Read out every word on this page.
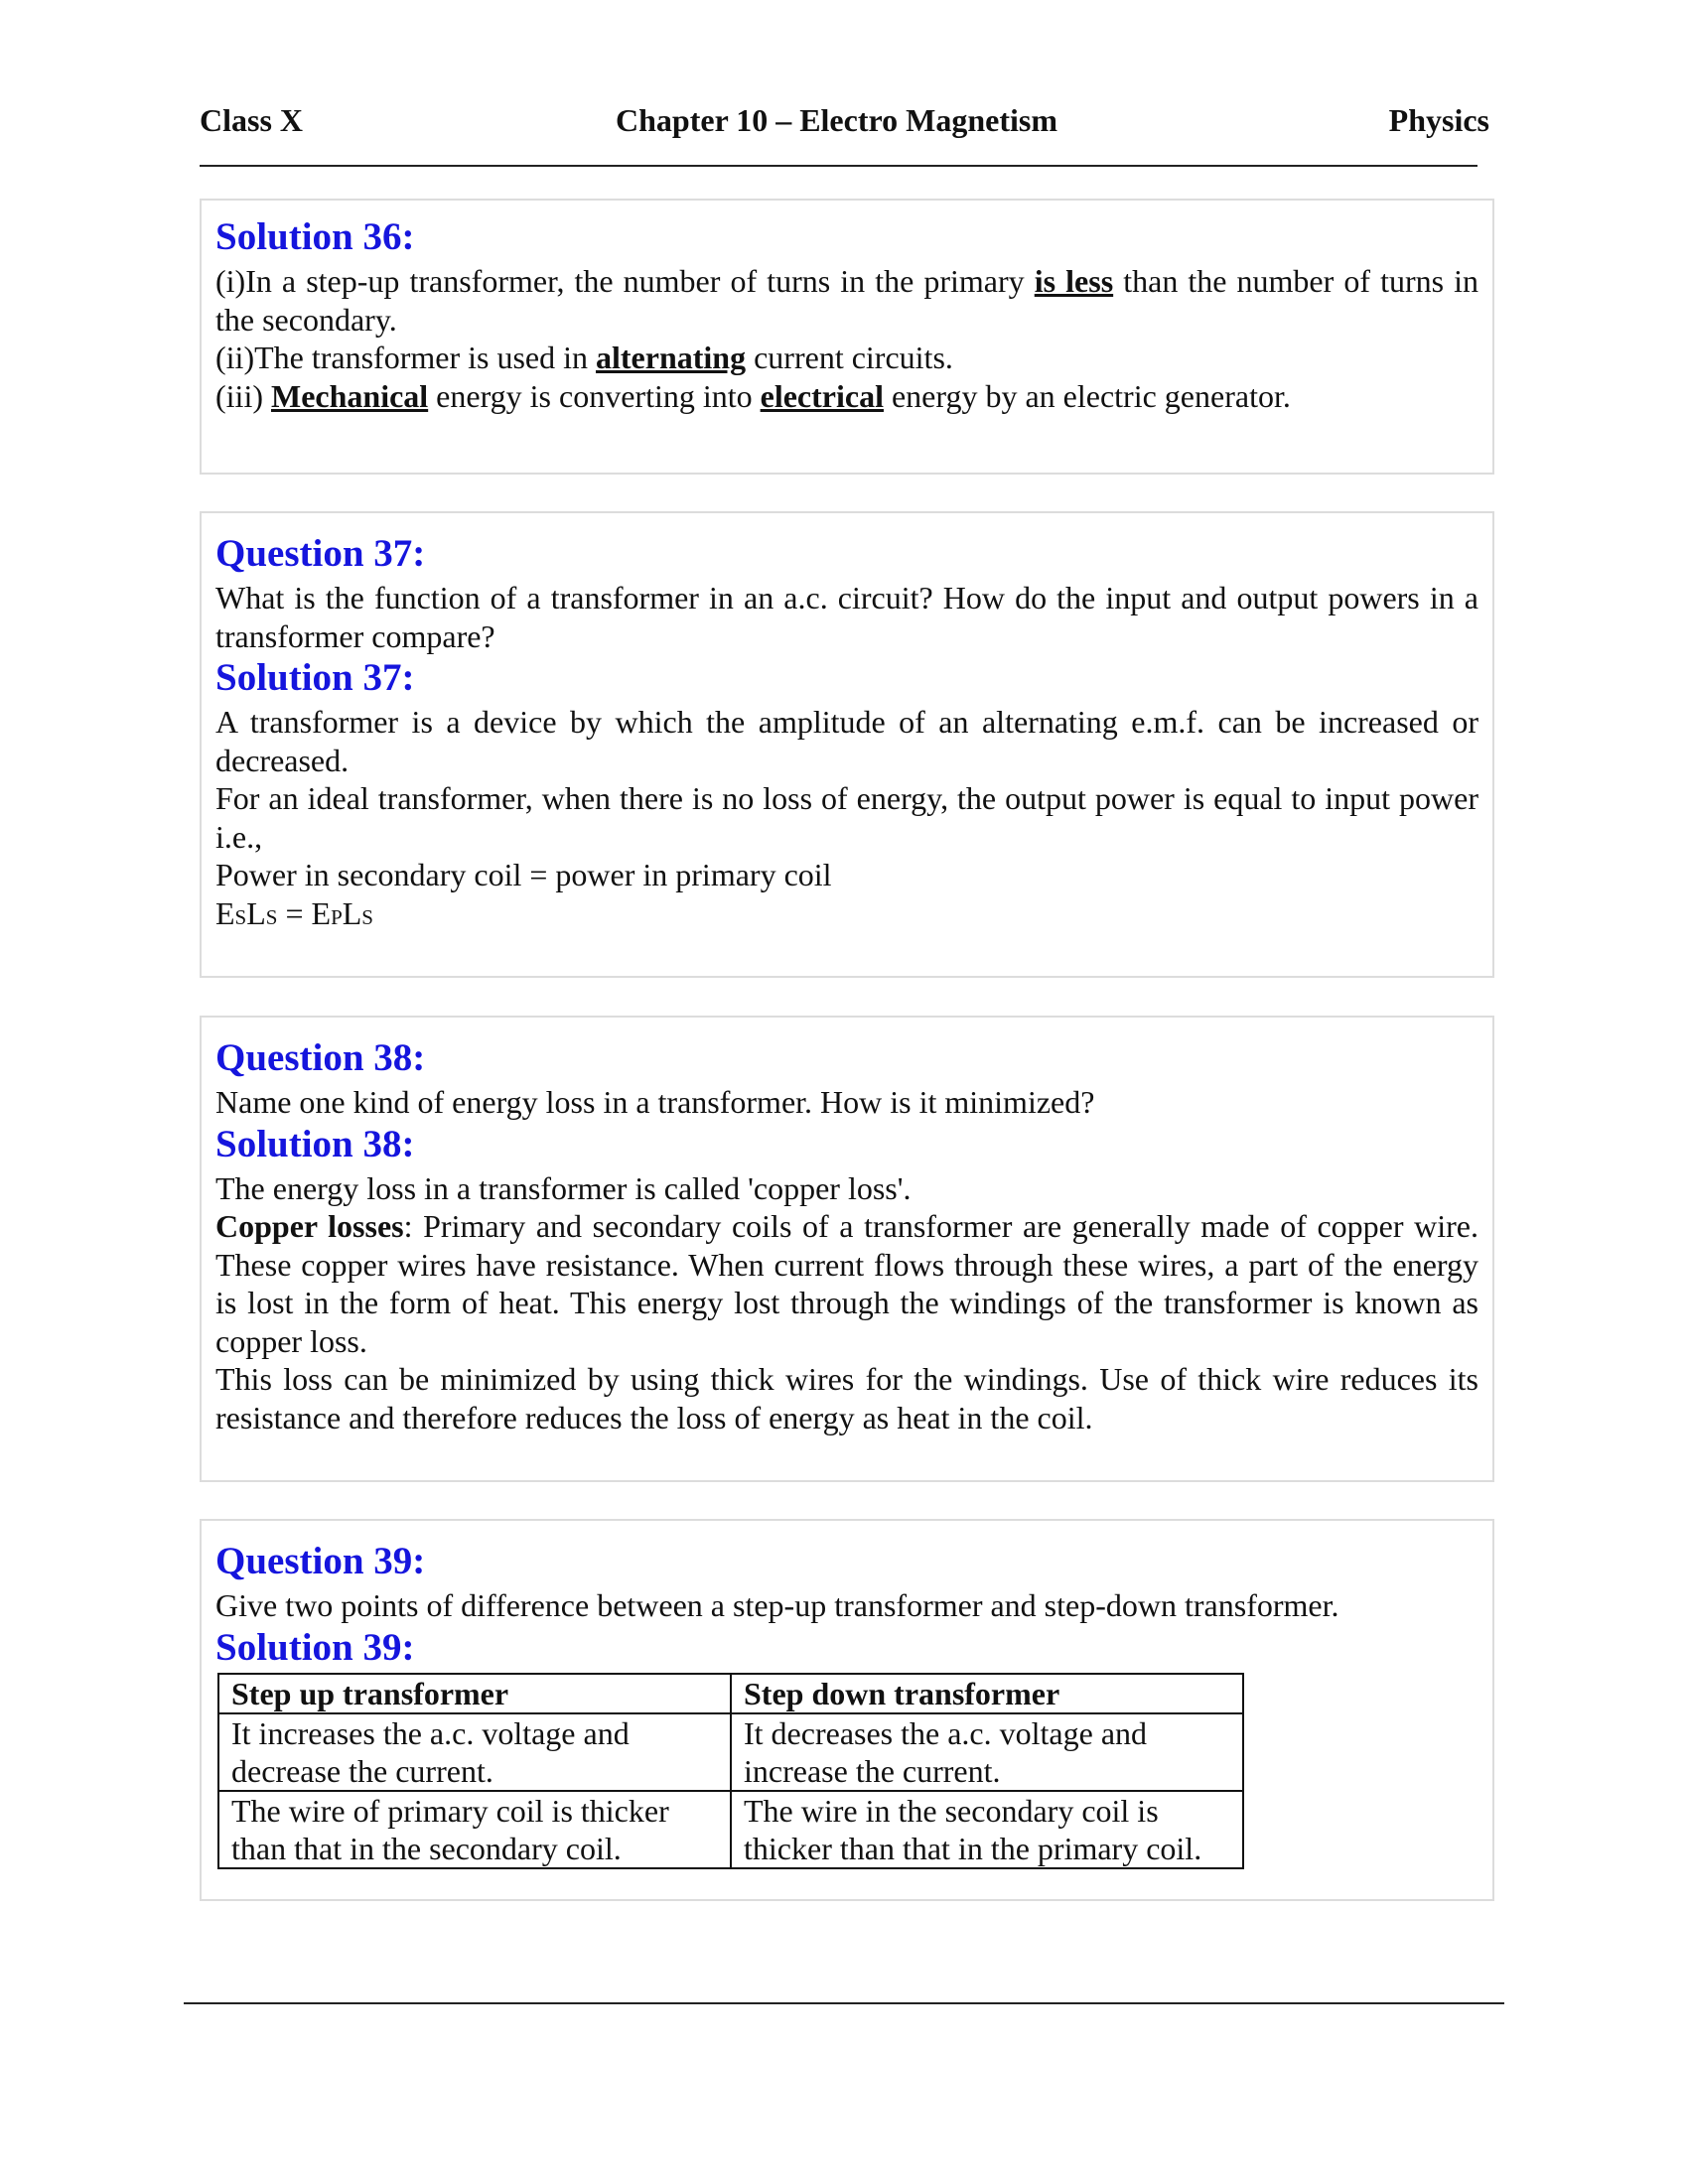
Class X	Chapter 10 – Electro Magnetism	Physics
Solution 36:

(i)In a step-up transformer, the number of turns in the primary is less than the number of turns in the secondary.

(ii)The transformer is used in alternating current circuits.

(iii) Mechanical energy is converting into electrical energy by an electric generator.

Question 37:

What is the function of a transformer in an a.c. circuit? How do the input and output powers in a transformer compare?

Solution 37:

A transformer is a device by which the amplitude of an alternating e.m.f. can be increased or decreased.

For an ideal transformer, when there is no loss of energy, the output power is equal to input power i.e.,

Power in secondary coil = power in primary coil

ESLS = EPLS

Question 38:

Name one kind of energy loss in a transformer. How is it minimized?

Solution 38:

The energy loss in a transformer is called 'copper loss'.

Copper losses: Primary and secondary coils of a transformer are generally made of copper wire. These copper wires have resistance. When current flows through these wires, a part of the energy is lost in the form of heat. This energy lost through the windings of the transformer is known as copper loss.

This loss can be minimized by using thick wires for the windings. Use of thick wire reduces its resistance and therefore reduces the loss of energy as heat in the coil.

Question 39:

Give two points of difference between a step-up transformer and step-down transformer.

Solution 39:
Step up transformer	Step down transformer
It increases the a.c. voltage and decrease the current.	It decreases the a.c. voltage and increase the current.
The wire of primary coil is thicker than that in the secondary coil.	The wire in the secondary coil is thicker than that in the primary coil.
